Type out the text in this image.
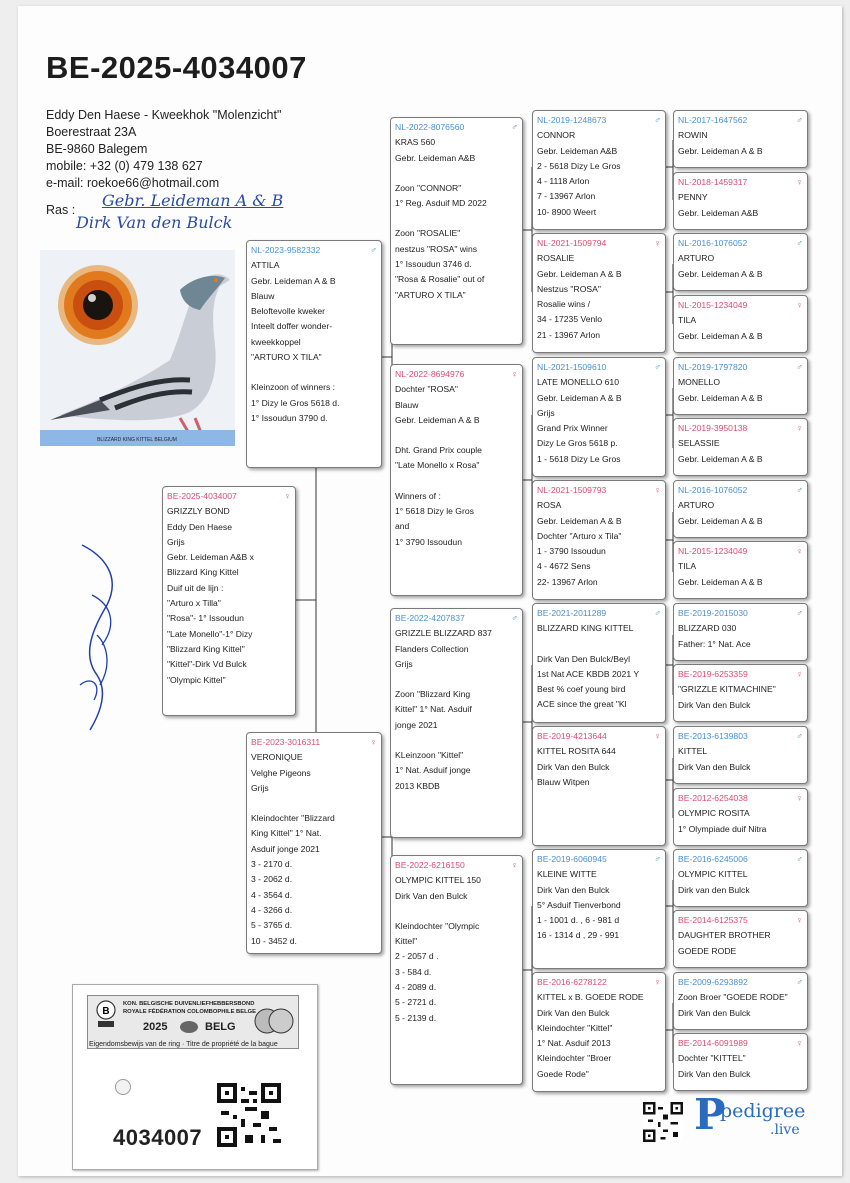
BE-2025-4034007
Eddy Den Haese - Kweekhok "Molenzicht"
Boerestraat 23A
BE-9860 Balegem
mobile: +32 (0) 479 138 627
e-mail: roekoe66@hotmail.com
Ras : Gebr. Leideman A & B
Dirk Van den Bulck
BLIZZARD KING KITTEL BELGIUM
BE-2025-4034007	♀
GRIZZLY BOND
Eddy Den Haese
Grijs
Gebr. Leideman A&B x
Blizzard King Kittel
Duif uit de lijn :
"Arturo x Tilla"
"Rosa"- 1° Issoudun
"Late Monello"-1° Dizy
"Blizzard King Kittel"
"Kittel"-Dirk Vd Bulck
"Olympic Kittel"
NL-2023-9582332	♂
ATTILA
Gebr. Leideman A & B
Blauw
Beloftevolle kweker
Inteelt doffer wonder-
kweekkoppel
"ARTURO X TILA"
Kleinzoon of winners :
1° Dizy le Gros 5618 d.
1° Issoudun 3790 d.
BE-2023-3016311	♀
VERONIQUE
Velghe Pigeons
Grijs
Kleindochter "Blizzard
King Kittel" 1° Nat.
Asduif jonge 2021
3 - 2170 d.
3 - 2062 d.
4 - 3564 d.
4 - 3266 d.
5 - 3765 d.
10 - 3452 d.
NL-2022-8076560	♂
KRAS 560
Gebr. Leideman A&B
Zoon "CONNOR"
1° Reg. Asduif MD 2022
Zoon "ROSALIE"
nestzus "ROSA" wins
1° Issoudun 3746 d.
"Rosa & Rosalie" out of
"ARTURO X TILA"
NL-2022-8694976	♀
Dochter "ROSA"
Blauw
Gebr. Leideman A & B
Dht. Grand Prix couple
"Late Monello x Rosa"
Winners of :
1° 5618 Dizy le Gros
and
1° 3790 Issoudun
BE-2022-4207837	♂
GRIZZLE BLIZZARD 837
Flanders Collection
Grijs
Zoon "Blizzard King
Kittel" 1° Nat. Asduif
jonge 2021
KLeinzoon "Kittel"
1° Nat. Asduif jonge
2013 KBDB
BE-2022-6216150	♀
OLYMPIC KITTEL 150
Dirk Van den Bulck
Kleindochter "Olympic
Kittel"
2 - 2057 d .
3 - 584 d.
4 - 2089 d.
5 - 2721 d.
5 - 2139 d.
NL-2019-1248673	♂
CONNOR
Gebr. Leideman A&B
2 - 5618 Dizy Le Gros
4 - 1118 Arlon
7 - 13967 Arlon
10- 8900 Weert
NL-2021-1509794	♀
ROSALIE
Gebr. Leideman A & B
Nestzus "ROSA"
Rosalie wins /
34 - 17235 Venlo
21 - 13967 Arlon
NL-2021-1509610	♂
LATE MONELLO 610
Gebr. Leideman A & B
Grijs
Grand Prix Winner
Dizy Le Gros 5618 p.
1 - 5618 Dizy Le Gros
NL-2021-1509793	♀
ROSA
Gebr. Leideman A & B
Dochter "Arturo x Tila"
1 - 3790 Issoudun
4 - 4672 Sens
22- 13967 Arlon
BE-2021-2011289	♂
BLIZZARD KING KITTEL
Dirk Van Den Bulck/Beyl
1st Nat ACE KBDB 2021 Y
Best % coef young bird
ACE since the great "Kl
BE-2019-4213644	♀
KITTEL ROSITA 644
Dirk Van den Bulck
Blauw Witpen
BE-2019-6060945	♂
KLEINE WITTE
Dirk Van den Bulck
5° Asduif Tienverbond
1 - 1001 d. , 6 - 981 d
16 - 1314 d , 29 - 991
BE-2016-6278122	♀
KITTEL x B. GOEDE RODE
Dirk Van den Bulck
Kleindochter "Kittel"
1° Nat. Asduif 2013
Kleindochter "Broer
Goede Rode"
NL-2017-1647562	♂
ROWIN
Gebr. Leideman A & B
NL-2018-1459317	♀
PENNY
Gebr. Leideman A&B
NL-2016-1076052	♂
ARTURO
Gebr. Leideman A & B
NL-2015-1234049	♀
TILA
Gebr. Leideman A & B
NL-2019-1797820	♂
MONELLO
Gebr. Leideman A & B
NL-2019-3950138	♀
SELASSIE
Gebr. Leideman A & B
NL-2016-1076052	♂
ARTURO
Gebr. Leideman A & B
NL-2015-1234049	♀
TILA
Gebr. Leideman A & B
BE-2019-2015030	♂
BLIZZARD 030
Father: 1° Nat. Ace
BE-2019-6253359	♀
"GRIZZLE KITMACHINE"
Dirk Van den Bulck
BE-2013-6139803	♂
KITTEL
Dirk Van den Bulck
BE-2012-6254038	♀
OLYMPIC ROSITA
1° Olympiade duif Nitra
BE-2016-6245006	♂
OLYMPIC KITTEL
Dirk van den Bulck
BE-2014-6125375	♀
DAUGHTER BROTHER
GOEDE RODE
BE-2009-6293892	♂
Zoon Broer "GOEDE RODE"
Dirk Van den Bulck
BE-2014-6091989	♀
Dochter "KITTEL"
Dirk Van den Bulck
B
KON. BELGISCHE DUIVENLIEFHEBBERSBOND
ROYALE FÉDÉRATION COLOMBOPHILE BELGE
2025	BELG
Eigendomsbewijs van de ring · Titre de propriété de la bague
4034007	P
pedigree
.live
